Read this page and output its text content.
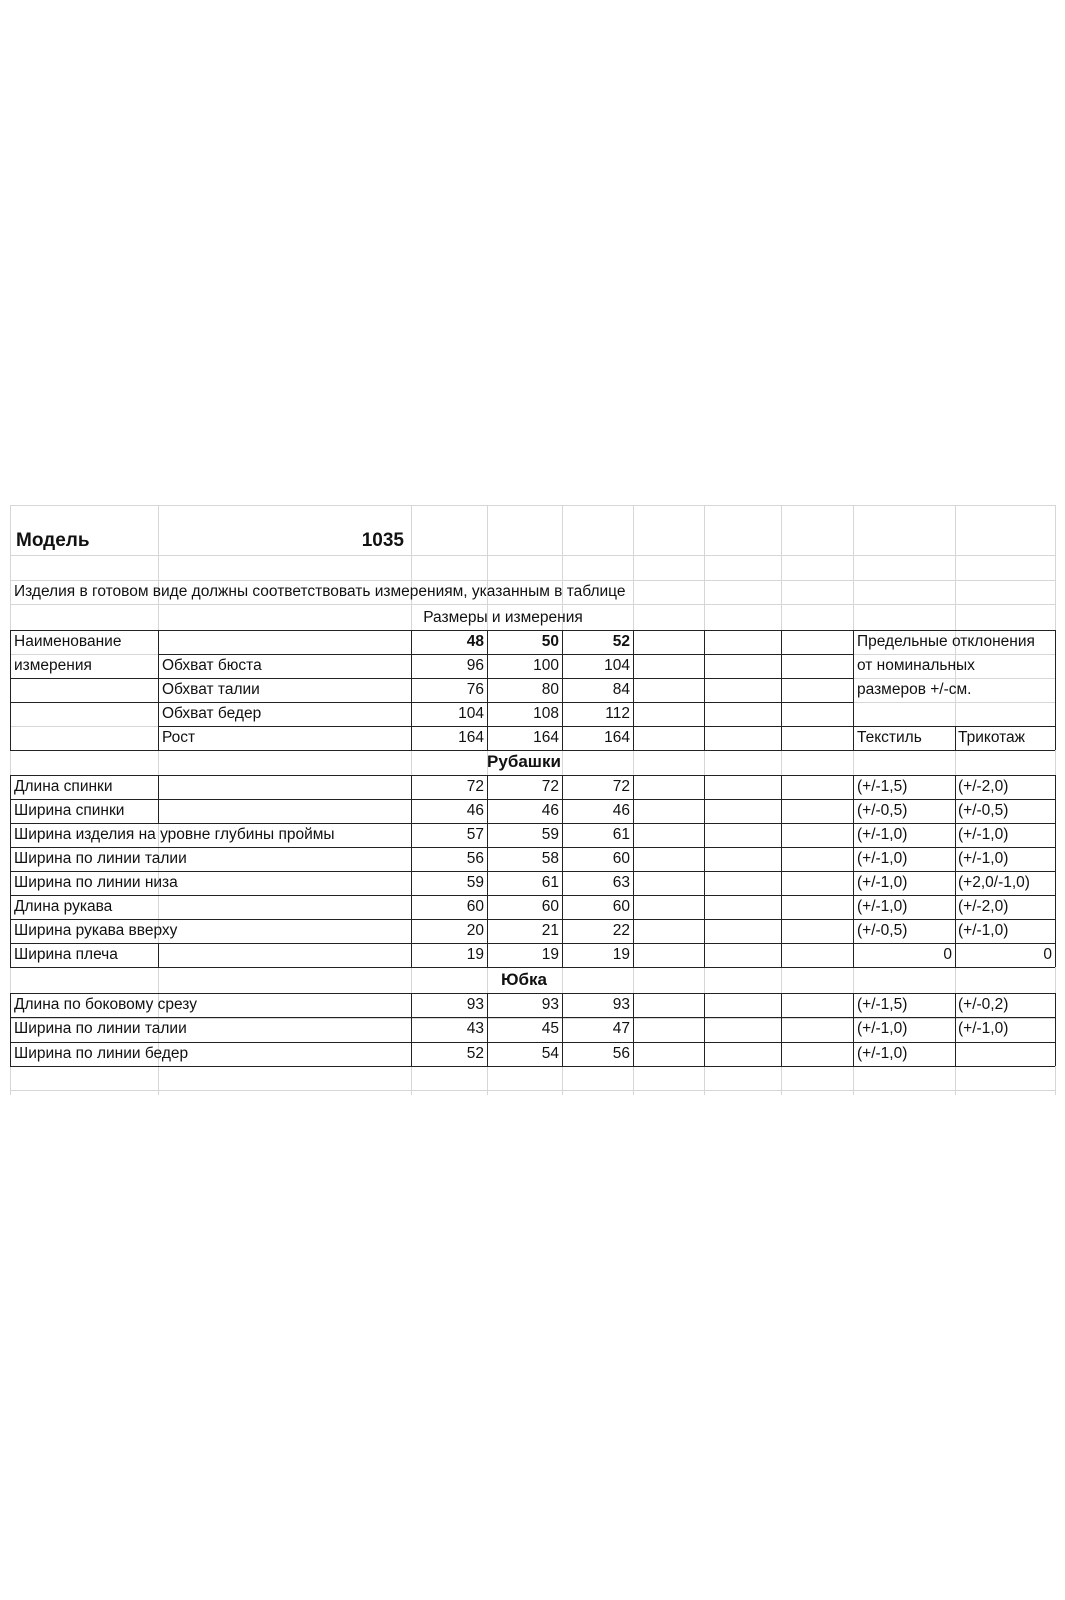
Модель	1035
Изделия в готовом виде должны соответствовать измерениям, указанным в таблице
Размеры и измерения
Наименование
измерения
48	50	52	Предельные отклонения
от номинальных
размеров +/-см.
Текстиль Трикотаж
Обхват бюста	96	100	104
Обхват талии	76	80	84
Обхват бедер	104	108	112
Рост	164	164	164
Рубашки
Длина спинки	72	72	72	(+/-1,5)	(+/-2,0)
Ширина спинки	46	46	46	(+/-0,5)	(+/-0,5)
Ширина изделия на уровне глубины проймы	57	59	61	(+/-1,0)	(+/-1,0)
Ширина по линии талии	56	58	60	(+/-1,0)	(+/-1,0)
Ширина по линии низа	59	61	63	(+/-1,0)	(+2,0/-1,0)
Длина рукава	60	60	60	(+/-1,0)	(+/-2,0)
Ширина рукава вверху	20	21	22	(+/-0,5)	(+/-1,0)
Ширина плеча	19	19	19	0	0
Юбка
Длина по боковому срезу	93	93	93	(+/-1,5)	(+/-0,2)
Ширина по линии талии	43	45	47	(+/-1,0)	(+/-1,0)
Ширина по линии бедер	52	54	56	(+/-1,0)
